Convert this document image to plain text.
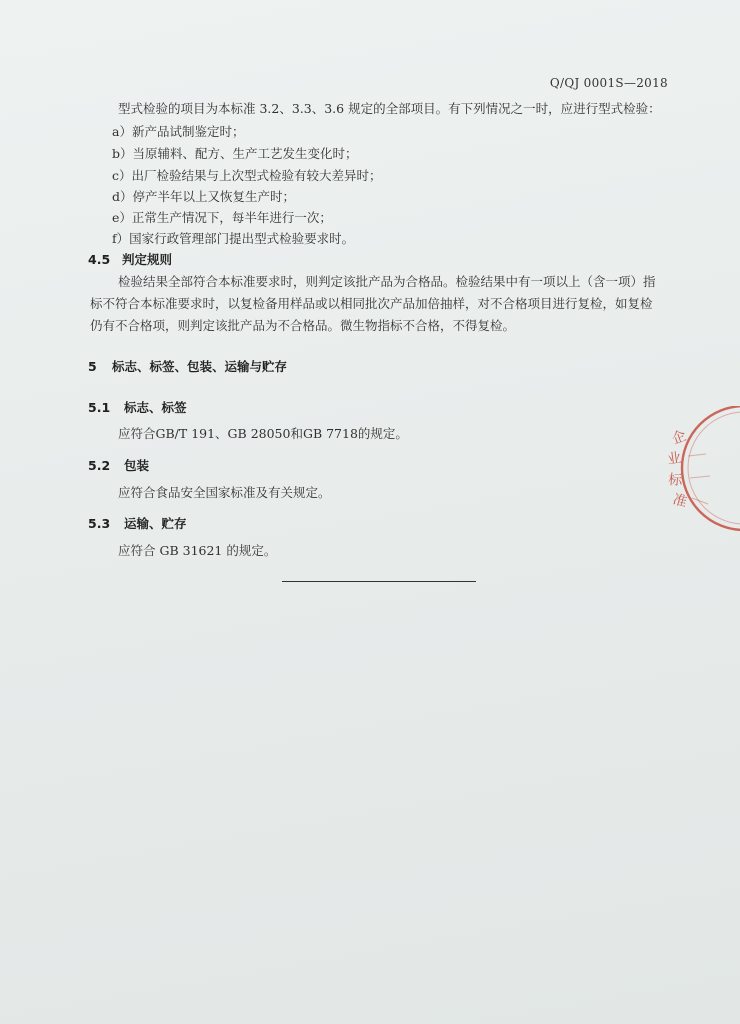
Q/QJ 0001S—2018
型式检验的项目为本标准 3.2、3.3、3.6 规定的全部项目。有下列情况之一时，应进行型式检验：
a）新产品试制鉴定时；
b）当原辅料、配方、生产工艺发生变化时；
c）出厂检验结果与上次型式检验有较大差异时；
d）停产半年以上又恢复生产时；
e）正常生产情况下，每半年进行一次；
f）国家行政管理部门提出型式检验要求时。
4.5 判定规则
检验结果全部符合本标准要求时，则判定该批产品为合格品。检验结果中有一项以上（含一项）指
标不符合本标准要求时，以复检备用样品或以相同批次产品加倍抽样，对不合格项目进行复检，如复检
仍有不合格项，则判定该批产品为不合格品。微生物指标不合格，不得复检。
5 标志、标签、包装、运输与贮存
5.1 标志、标签
应符合GB/T 191、GB 28050和GB 7718的规定。
5.2 包装
应符合食品安全国家标准及有关规定。
5.3 运输、贮存
应符合 GB 31621 的规定。
企
业
标
准
